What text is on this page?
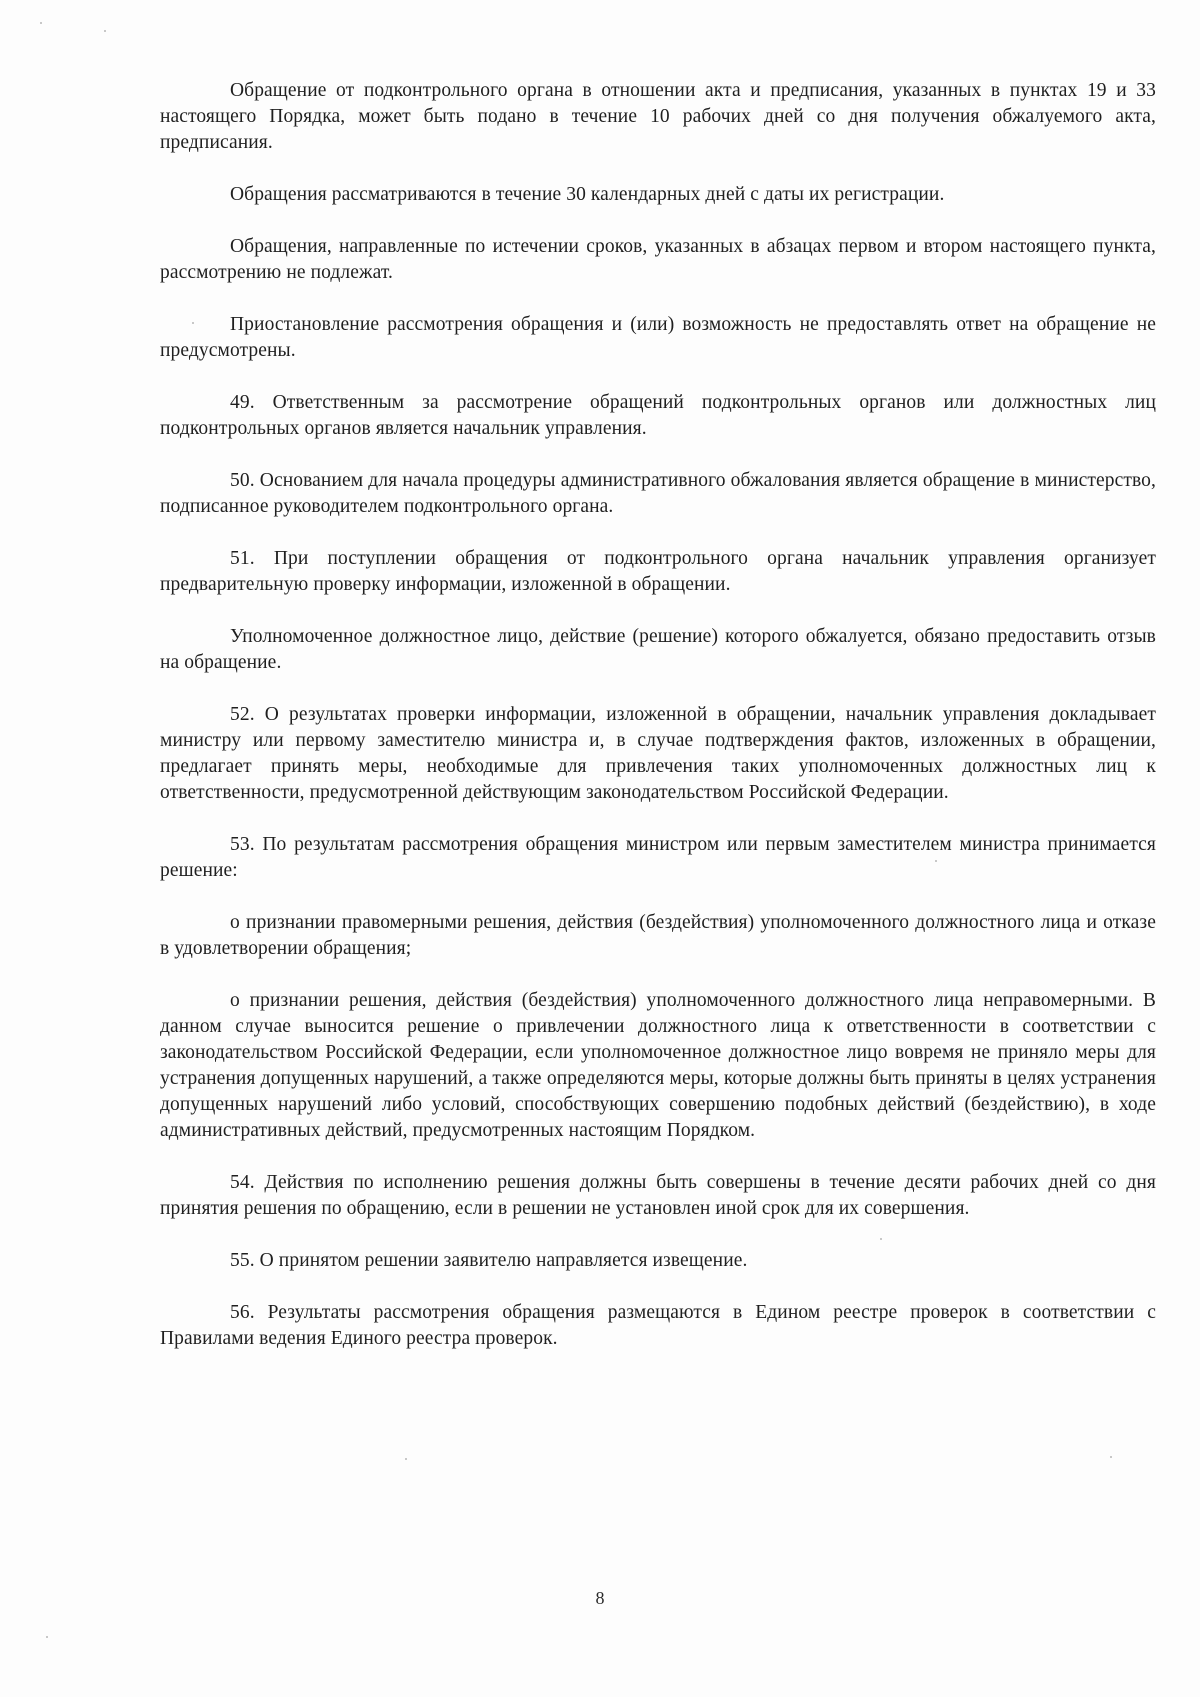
Обращение от подконтрольного органа в отношении акта и предписания, указанных в пунктах 19 и 33 настоящего Порядка, может быть подано в течение 10 рабочих дней со дня получения обжалуемого акта, предписания.

Обращения рассматриваются в течение 30 календарных дней с даты их регистрации.

Обращения, направленные по истечении сроков, указанных в абзацах первом и втором настоящего пункта, рассмотрению не подлежат.

Приостановление рассмотрения обращения и (или) возможность не предоставлять ответ на обращение не предусмотрены.

49. Ответственным за рассмотрение обращений подконтрольных органов или должностных лиц подконтрольных органов является начальник управления.

50. Основанием для начала процедуры административного обжалования является обращение в министерство, подписанное руководителем подконтрольного органа.

51. При поступлении обращения от подконтрольного органа начальник управления организует предварительную проверку информации, изложенной в обращении.

Уполномоченное должностное лицо, действие (решение) которого обжалуется, обязано предоставить отзыв на обращение.

52. О результатах проверки информации, изложенной в обращении, начальник управления докладывает министру или первому заместителю министра и, в случае подтверждения фактов, изложенных в обращении, предлагает принять меры, необходимые для привлечения таких уполномоченных должностных лиц к ответственности, предусмотренной действующим законодательством Российской Федерации.

53. По результатам рассмотрения обращения министром или первым заместителем министра принимается решение:

о признании правомерными решения, действия (бездействия) уполномоченного должностного лица и отказе в удовлетворении обращения;

о признании решения, действия (бездействия) уполномоченного должностного лица неправомерными. В данном случае выносится решение о привлечении должностного лица к ответственности в соответствии с законодательством Российской Федерации, если уполномоченное должностное лицо вовремя не приняло меры для устранения допущенных нарушений, а также определяются меры, которые должны быть приняты в целях устранения допущенных нарушений либо условий, способствующих совершению подобных действий (бездействию), в ходе административных действий, предусмотренных настоящим Порядком.

54. Действия по исполнению решения должны быть совершены в течение десяти рабочих дней со дня принятия решения по обращению, если в решении не установлен иной срок для их совершения.

55. О принятом решении заявителю направляется извещение.

56. Результаты рассмотрения обращения размещаются в Едином реестре проверок в соответствии с Правилами ведения Единого реестра проверок.

8
